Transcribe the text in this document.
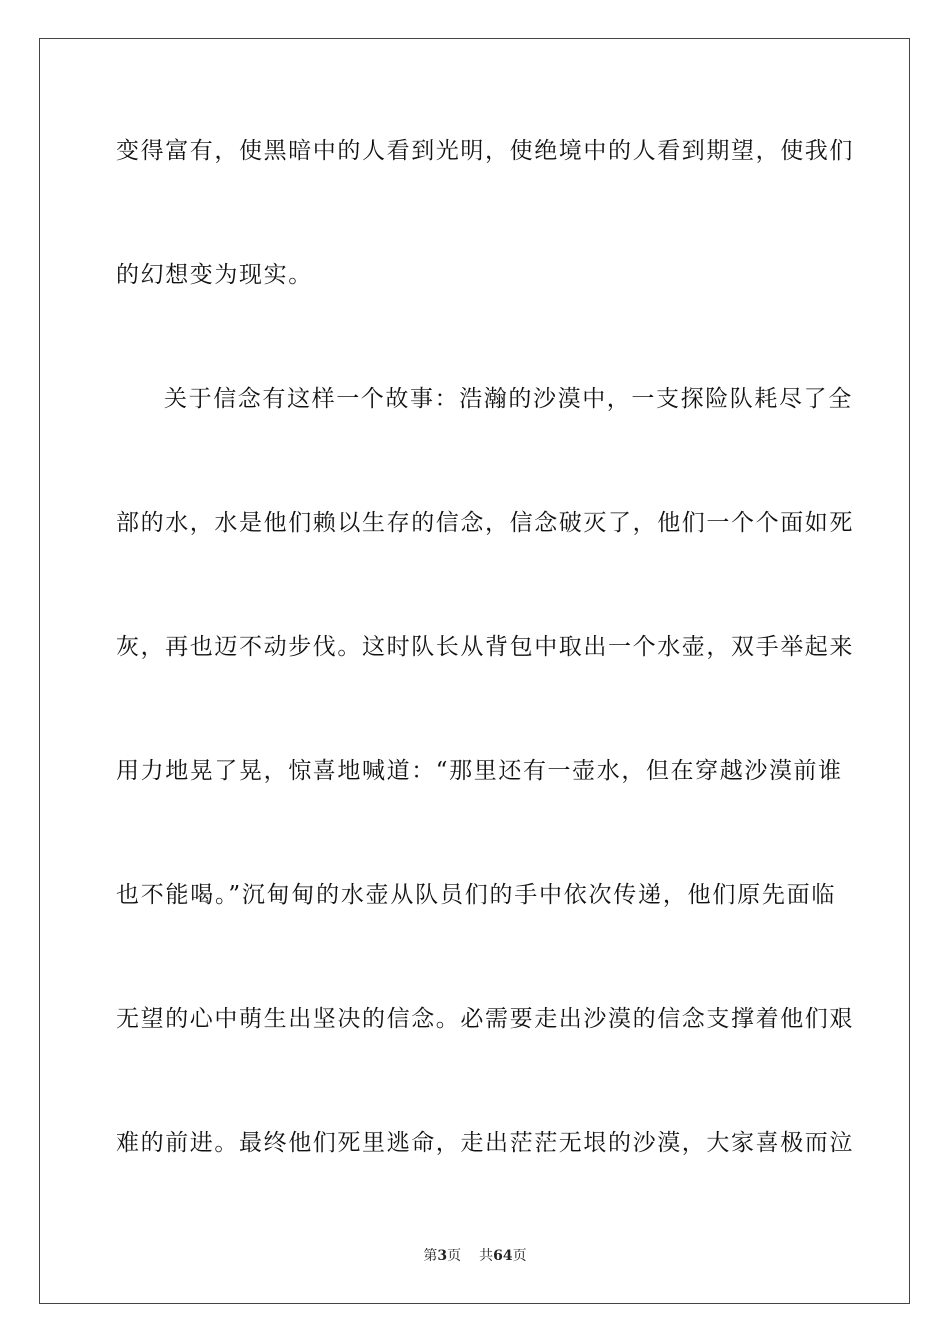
变得富有，使黑暗中的人看到光明，使绝境中的人看到期望，使我们
的幻想变为现实。
关于信念有这样一个故事：浩瀚的沙漠中，一支探险队耗尽了全
部的水，水是他们赖以生存的信念，信念破灭了，他们一个个面如死
灰，再也迈不动步伐。这时队长从背包中取出一个水壶，双手举起来
用力地晃了晃，惊喜地喊道：“那里还有一壶水，但在穿越沙漠前谁
也不能喝。”沉甸甸的水壶从队员们的手中依次传递，他们原先面临
无望的心中萌生出坚决的信念。必需要走出沙漠的信念支撑着他们艰
难的前进。最终他们死里逃命，走出茫茫无垠的沙漠，大家喜极而泣
第3页 共64页
